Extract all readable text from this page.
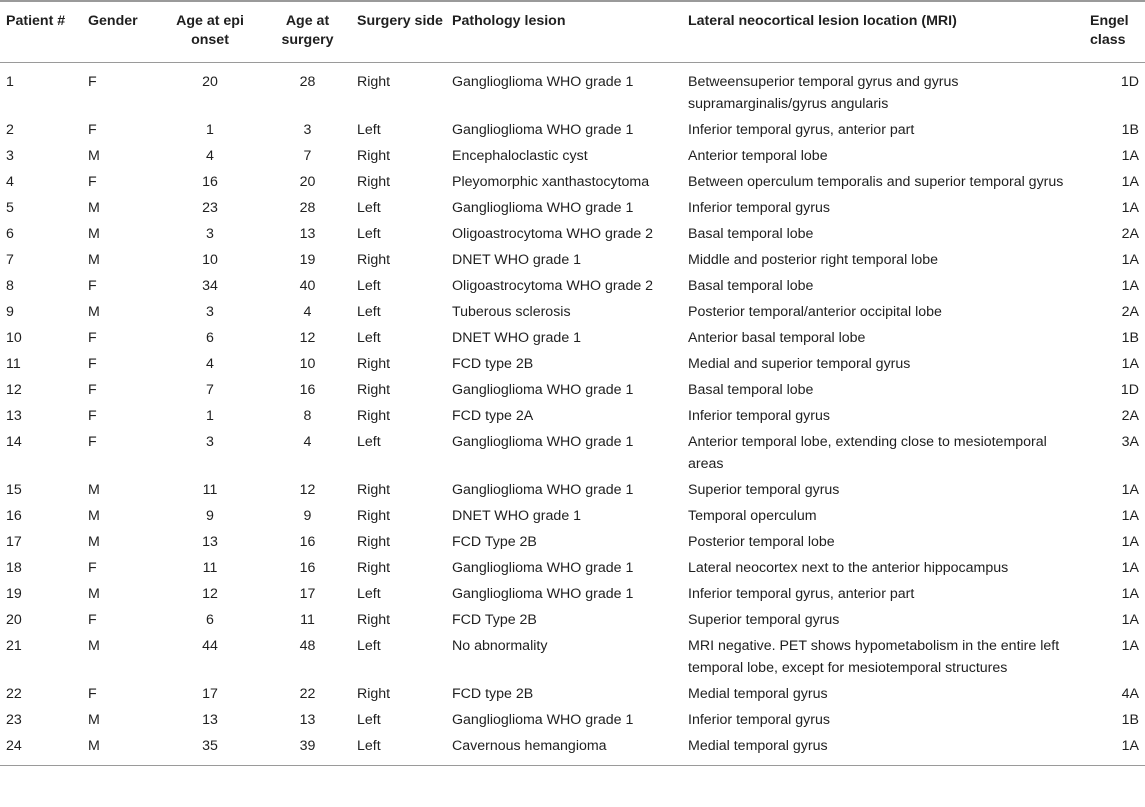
Patient #	Gender	Age at epi onset	Age at surgery	Surgery side	Pathology lesion	Lateral neocortical lesion location (MRI)	Engel class
1	F	20	28	Right	Ganglioglioma WHO grade 1	Betweensuperior temporal gyrus and gyrus supramarginalis/gyrus angularis	1D
2	F	1	3	Left	Ganglioglioma WHO grade 1	Inferior temporal gyrus, anterior part	1B
3	M	4	7	Right	Encephaloclastic cyst	Anterior temporal lobe	1A
4	F	16	20	Right	Pleyomorphic xanthastocytoma	Between operculum temporalis and superior temporal gyrus	1A
5	M	23	28	Left	Ganglioglioma WHO grade 1	Inferior temporal gyrus	1A
6	M	3	13	Left	Oligoastrocytoma WHO grade 2	Basal temporal lobe	2A
7	M	10	19	Right	DNET WHO grade 1	Middle and posterior right temporal lobe	1A
8	F	34	40	Left	Oligoastrocytoma WHO grade 2	Basal temporal lobe	1A
9	M	3	4	Left	Tuberous sclerosis	Posterior temporal/anterior occipital lobe	2A
10	F	6	12	Left	DNET WHO grade 1	Anterior basal temporal lobe	1B
11	F	4	10	Right	FCD type 2B	Medial and superior temporal gyrus	1A
12	F	7	16	Right	Ganglioglioma WHO grade 1	Basal temporal lobe	1D
13	F	1	8	Right	FCD type 2A	Inferior temporal gyrus	2A
14	F	3	4	Left	Ganglioglioma WHO grade 1	Anterior temporal lobe, extending close to mesiotemporal areas	3A
15	M	11	12	Right	Ganglioglioma WHO grade 1	Superior temporal gyrus	1A
16	M	9	9	Right	DNET WHO grade 1	Temporal operculum	1A
17	M	13	16	Right	FCD Type 2B	Posterior temporal lobe	1A
18	F	11	16	Right	Ganglioglioma WHO grade 1	Lateral neocortex next to the anterior hippocampus	1A
19	M	12	17	Left	Ganglioglioma WHO grade 1	Inferior temporal gyrus, anterior part	1A
20	F	6	11	Right	FCD Type 2B	Superior temporal gyrus	1A
21	M	44	48	Left	No abnormality	MRI negative. PET shows hypometabolism in the entire left temporal lobe, except for mesiotemporal structures	1A
22	F	17	22	Right	FCD type 2B	Medial temporal gyrus	4A
23	M	13	13	Left	Ganglioglioma WHO grade 1	Inferior temporal gyrus	1B
24	M	35	39	Left	Cavernous hemangioma	Medial temporal gyrus	1A
